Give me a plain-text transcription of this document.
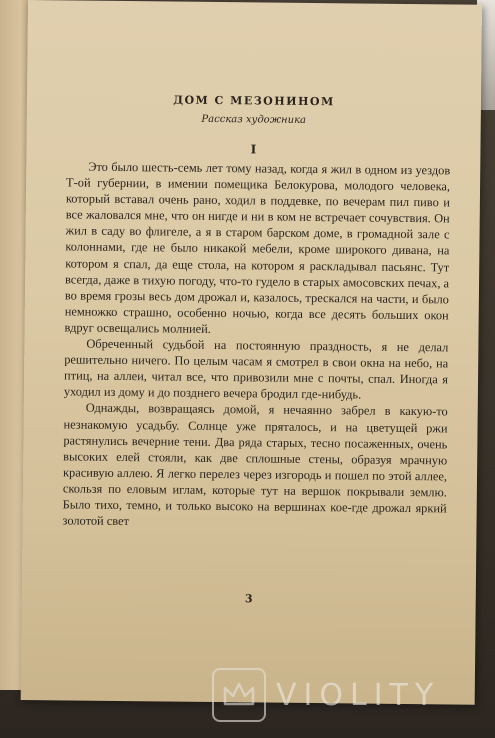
ДОМ С МЕЗОНИНОМ
Рассказ художника
I

Это было шесть-семь лет тому назад, когда я жил в одном из уездов Т-ой губернии, в имении помещика Белокурова, молодого человека, который вставал очень рано, ходил в поддевке, по вечерам пил пиво и все жаловался мне, что он нигде и ни в ком не встречает сочувствия. Он жил в саду во флигеле, а я в старом барском доме, в громадной зале с колоннами, где не было никакой мебели, кроме широкого дивана, на котором я спал, да еще стола, на котором я раскладывал пасьянс. Тут всегда, даже в тихую погоду, что-то гудело в старых амосовских печах, а во время грозы весь дом дрожал и, казалось, трескался на части, и было немножко страшно, особенно ночью, когда все десять больших окон вдруг освещались молнией.

Обреченный судьбой на постоянную праздность, я не делал решительно ничего. По целым часам я смотрел в свои окна на небо, на птиц, на аллеи, читал все, что привозили мне с почты, спал. Иногда я уходил из дому и до позднего вечера бродил где-нибудь.

Однажды, возвращаясь домой, я нечаянно забрел в какую-то незнакомую усадьбу. Солнце уже пряталось, и на цветущей ржи растянулись вечерние тени. Два ряда старых, тесно посаженных, очень высоких елей стояли, как две сплошные стены, образуя мрачную красивую аллею. Я легко перелез через изгородь и пошел по этой аллее, скользя по еловым иглам, которые тут на вершок покрывали землю. Было тихо, темно, и только высоко на вершинах кое-где дрожал яркий золотой свет

3
VIOLITY
